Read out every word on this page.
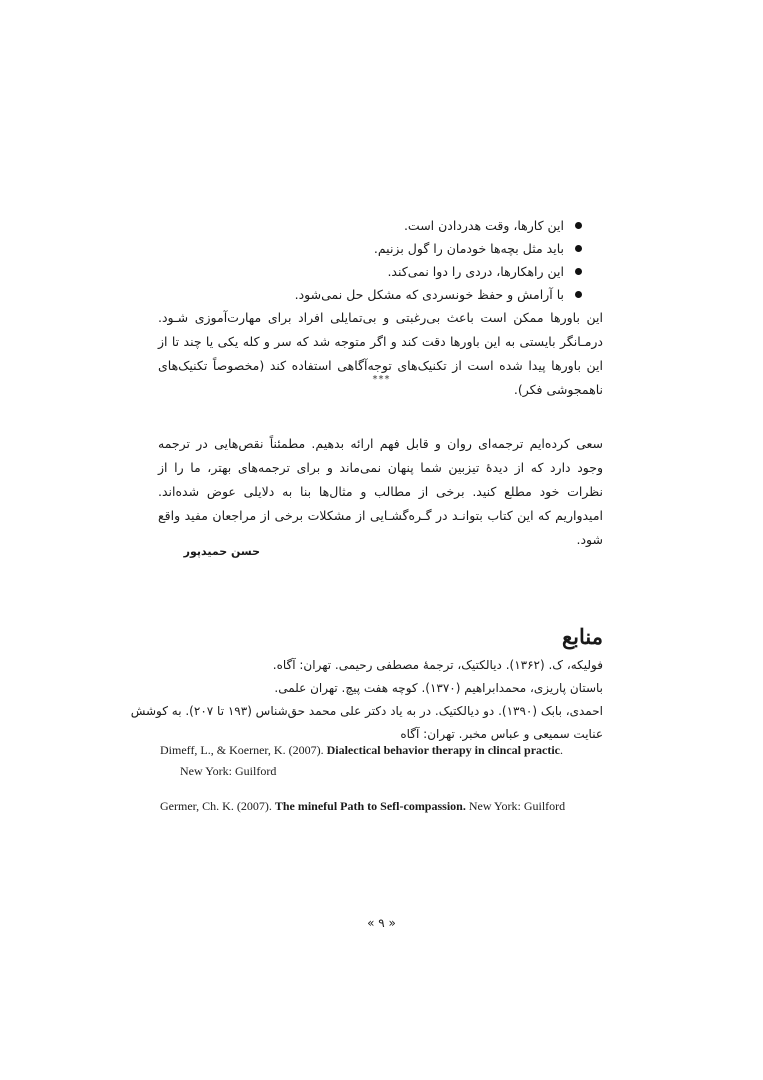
این کارها، وقت هدردادن است.
باید مثل بچه‌ها خودمان را گول بزنیم.
این راهکارها، دردی را دوا نمی‌کند.
با آرامش و حفظ خونسردی که مشکل حل نمی‌شود.

این باورها ممکن است باعث بی‌رغبتی و بی‌تمایلی افراد برای مهارت‌آموزی شـود. درمـانگر بایستی به این باورها دقت کند و اگر متوجه شد که سر و کله یکی یا چند تا از این باورها پیدا شده است از تکنیک‌های توجه‌آگاهی استفاده کند (مخصوصاً تکنیک‌های ناهمجوشی فکر).

***

سعی کرده‌ایم ترجمه‌ای روان و قابل فهم ارائه بدهیم. مطمئناً نقص‌هایی در ترجمه وجود دارد که از دیدهٔ تیزبین شما پنهان نمی‌ماند و برای ترجمه‌های بهتر، ما را از نظرات خود مطلع کنید. برخی از مطالب و مثال‌ها بنا به دلایلی عوض شده‌اند. امیدواریم که این کتاب بتوانـد در گـره‌گشـایی از مشکلات برخی از مراجعان مفید واقع شود.

حسن حمیدپور
منابع
فولیکه، ک. (۱۳۶۲). دیالکتیک، ترجمهٔ مصطفی رحیمی. تهران: آگاه.
باستان پاریزی، محمدابراهیم (۱۳۷۰). کوچه هفت پیچ. تهران علمی.
احمدی، بابک (۱۳۹۰). دو دیالکتیک. در به یاد دکتر علی محمد حق‌شناس (۱۹۳ تا ۲۰۷). به کوشش
عنایت سمیعی و عباس مخبر. تهران: آگاه
Dimeff, L., & Koerner, K. (2007). Dialectical behavior therapy in clincal practic.
New York: Guilford
Germer, Ch. K. (2007). The mineful Path to Sefl-compassion. New York: Guilford
« ۹ »
